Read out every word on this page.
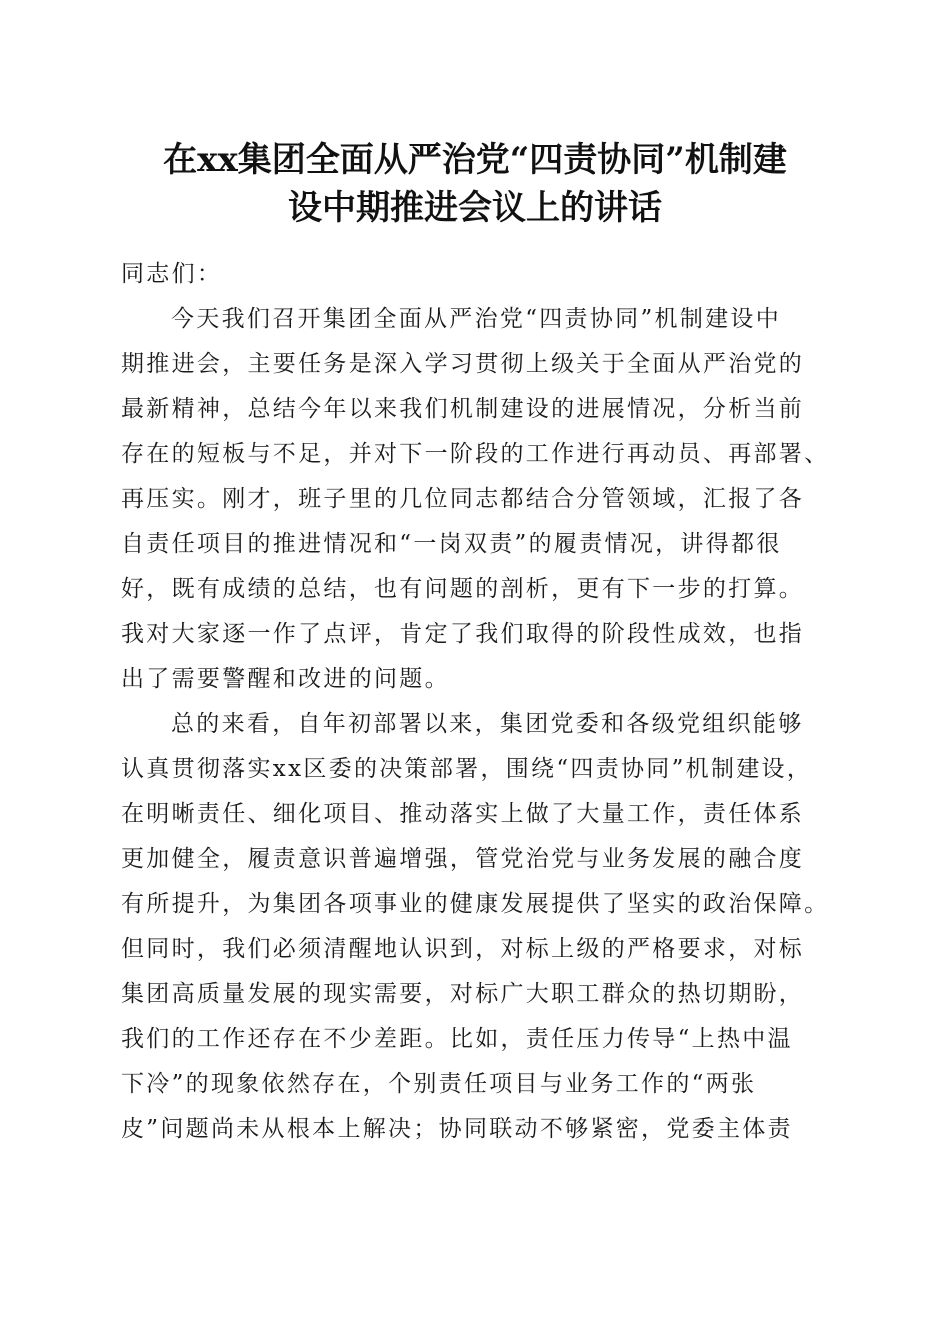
在xx集团全面从严治党“四责协同”机制建
设中期推进会议上的讲话
同志们：
今天我们召开集团全面从严治党“四责协同”机制建设中
期推进会，主要任务是深入学习贯彻上级关于全面从严治党的
最新精神，总结今年以来我们机制建设的进展情况，分析当前
存在的短板与不足，并对下一阶段的工作进行再动员、再部署、
再压实。刚才，班子里的几位同志都结合分管领域，汇报了各
自责任项目的推进情况和“一岗双责”的履责情况，讲得都很
好，既有成绩的总结，也有问题的剖析，更有下一步的打算。
我对大家逐一作了点评，肯定了我们取得的阶段性成效，也指
出了需要警醒和改进的问题。
总的来看，自年初部署以来，集团党委和各级党组织能够
认真贯彻落实xx区委的决策部署，围绕“四责协同”机制建设，
在明晰责任、细化项目、推动落实上做了大量工作，责任体系
更加健全，履责意识普遍增强，管党治党与业务发展的融合度
有所提升，为集团各项事业的健康发展提供了坚实的政治保障。
但同时，我们必须清醒地认识到，对标上级的严格要求，对标
集团高质量发展的现实需要，对标广大职工群众的热切期盼，
我们的工作还存在不少差距。比如，责任压力传导“上热中温
下冷”的现象依然存在，个别责任项目与业务工作的“两张
皮”问题尚未从根本上解决；协同联动不够紧密，党委主体责
